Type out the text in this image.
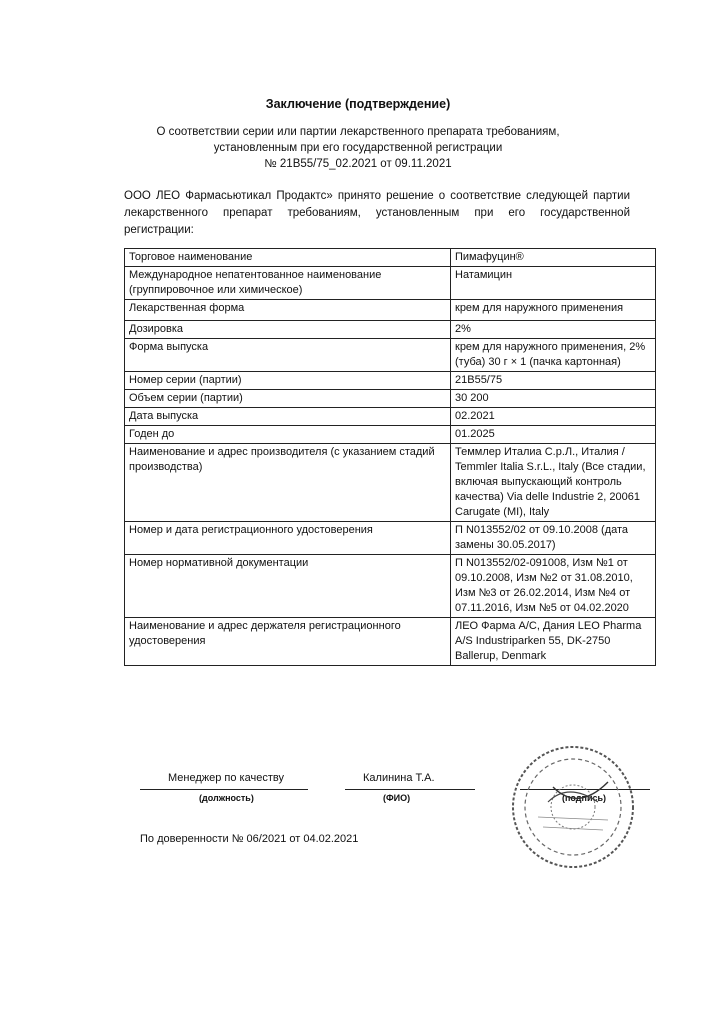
Заключение (подтверждение)
О соответствии серии или партии лекарственного препарата требованиям,
установленным при его государственной регистрации
№ 21B55/75_02.2021 от 09.11.2021
ООО ЛЕО Фармасьютикал Продактс» принято решение о соответствие следующей партии лекарственного препарат требованиям, установленным при его государственной регистрации:
Торговое наименование	Пимафуцин®
Международное непатентованное наименование (группировочное или химическое)	Натамицин
Лекарственная форма	крем для наружного применения
Дозировка	2%
Форма выпуска	крем для наружного применения, 2% (туба) 30 г × 1 (пачка картонная)
Номер серии (партии)	21B55/75
Объем серии (партии)	30 200
Дата выпуска	02.2021
Годен до	01.2025
Наименование и адрес производителя (с указанием стадий производства)	Теммлер Италиа С.р.Л., Италия / Temmler Italia S.r.L., Italy (Все стадии, включая выпускающий контроль качества) Via delle Industrie 2, 20061 Carugate (MI), Italy
Номер и дата регистрационного удостоверения	П N013552/02 от 09.10.2008 (дата замены 30.05.2017)
Номер нормативной документации	П N013552/02-091008, Изм №1 от 09.10.2008, Изм №2 от 31.08.2010, Изм №3 от 26.02.2014, Изм №4 от 07.11.2016, Изм №5 от 04.02.2020
Наименование и адрес держателя регистрационного удостоверения	ЛЕО Фарма А/С, Дания LEO Pharma A/S Industriparken 55, DK-2750 Ballerup, Denmark
Менеджер по качеству
(должность)
Калинина Т.А.
(ФИО)	(подпись)
По доверенности № 06/2021 от 04.02.2021
